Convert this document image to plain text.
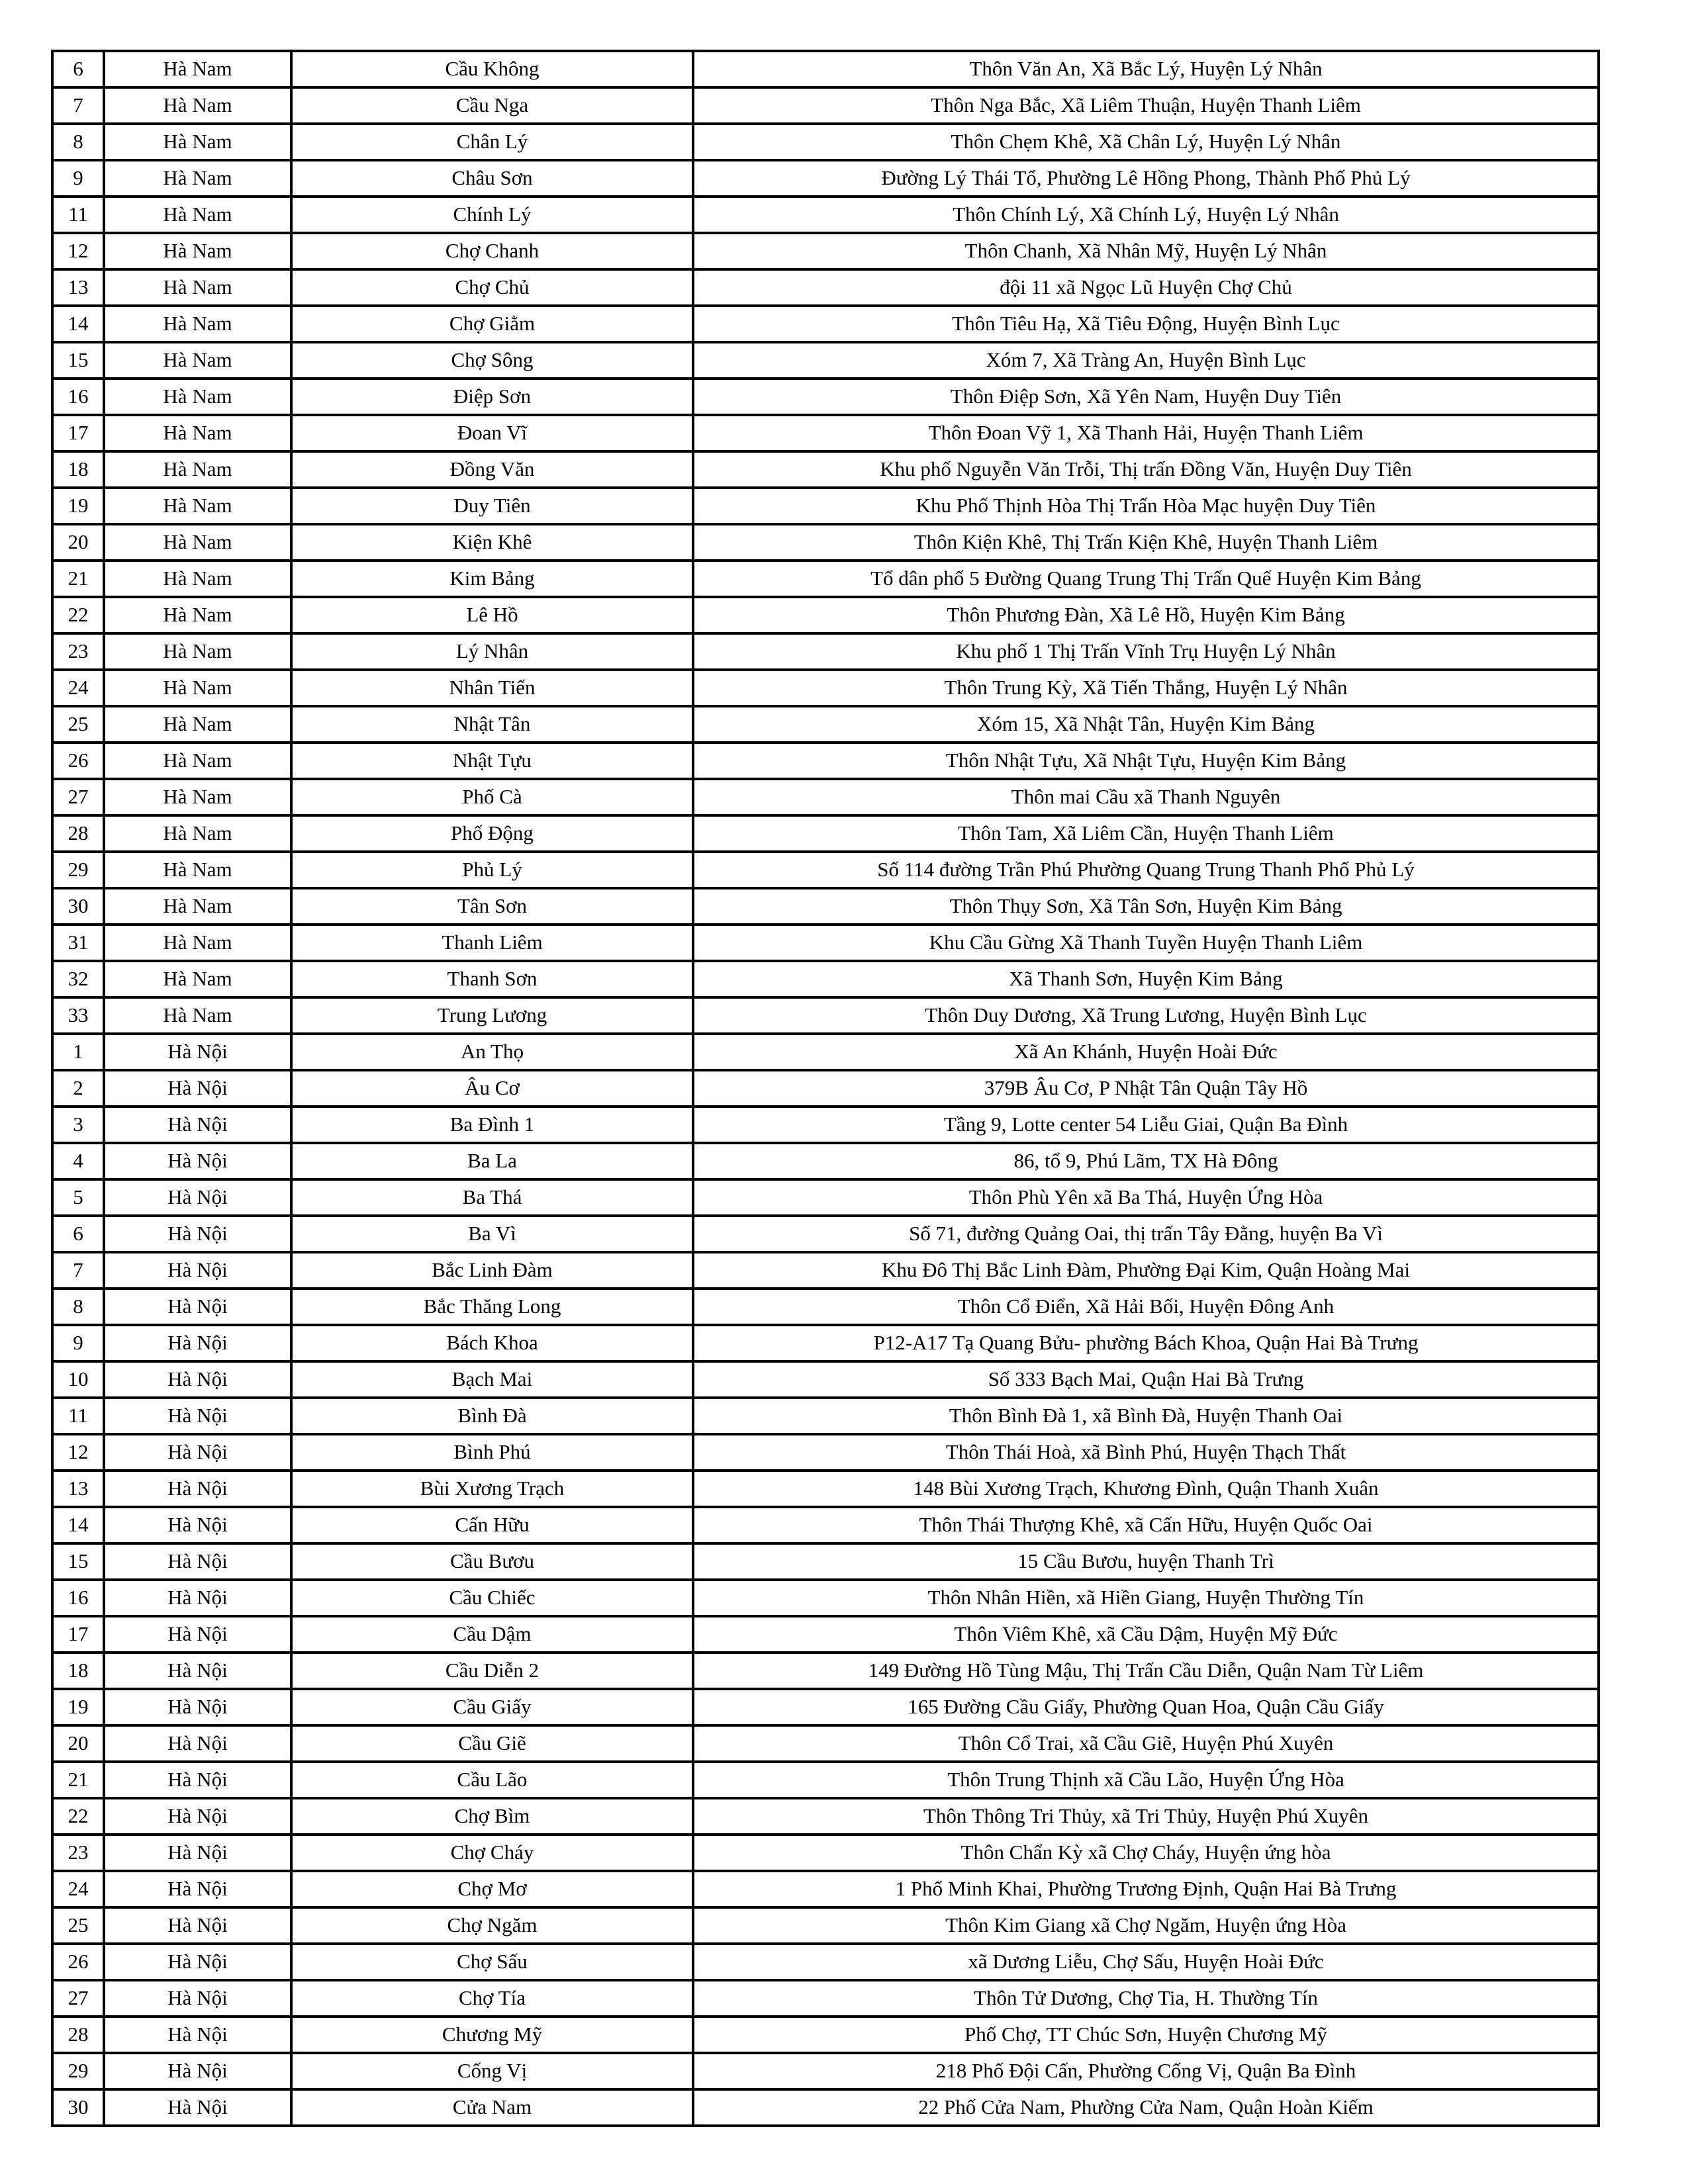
6	Hà Nam	Cầu Không	Thôn Văn An, Xã Bắc Lý, Huyện Lý Nhân
7	Hà Nam	Cầu Nga	Thôn Nga Bắc, Xã Liêm Thuận, Huyện Thanh Liêm
8	Hà Nam	Chân Lý	Thôn Chẹm Khê, Xã Chân Lý, Huyện Lý Nhân
9	Hà Nam	Châu Sơn	Đường Lý Thái Tổ, Phường Lê Hồng Phong, Thành Phố Phủ Lý
11	Hà Nam	Chính Lý	Thôn Chính Lý, Xã Chính Lý, Huyện Lý Nhân
12	Hà Nam	Chợ Chanh	Thôn Chanh, Xã Nhân Mỹ, Huyện Lý Nhân
13	Hà Nam	Chợ Chủ	đội 11 xã Ngọc Lũ Huyện Chợ Chủ
14	Hà Nam	Chợ Giằm	Thôn Tiêu Hạ, Xã Tiêu Động, Huyện Bình Lục
15	Hà Nam	Chợ Sông	Xóm 7, Xã Tràng An, Huyện Bình Lục
16	Hà Nam	Điệp Sơn	Thôn Điệp Sơn, Xã Yên Nam, Huyện Duy Tiên
17	Hà Nam	Đoan Vĩ	Thôn Đoan Vỹ 1, Xã Thanh Hải, Huyện Thanh Liêm
18	Hà Nam	Đồng Văn	Khu phố Nguyễn Văn Trỗi, Thị trấn Đồng Văn, Huyện Duy Tiên
19	Hà Nam	Duy Tiên	Khu Phố Thịnh Hòa Thị Trấn Hòa Mạc huyện Duy Tiên
20	Hà Nam	Kiện Khê	Thôn Kiện Khê, Thị Trấn Kiện Khê, Huyện Thanh Liêm
21	Hà Nam	Kim Bảng	Tổ dân phố 5 Đường Quang Trung Thị Trấn Quế Huyện Kim Bảng
22	Hà Nam	Lê Hồ	Thôn Phương Đàn, Xã Lê Hồ, Huyện Kim Bảng
23	Hà Nam	Lý Nhân	Khu phố 1 Thị Trấn Vĩnh Trụ Huyện Lý Nhân
24	Hà Nam	Nhân Tiến	Thôn Trung Kỳ, Xã Tiến Thắng, Huyện Lý Nhân
25	Hà Nam	Nhật Tân	Xóm 15, Xã Nhật Tân, Huyện Kim Bảng
26	Hà Nam	Nhật Tựu	Thôn Nhật Tựu, Xã Nhật Tựu, Huyện Kim Bảng
27	Hà Nam	Phố Cà	Thôn mai Cầu xã Thanh Nguyên
28	Hà Nam	Phố Động	Thôn Tam, Xã Liêm Cần, Huyện Thanh Liêm
29	Hà Nam	Phủ Lý	Số 114 đường Trần Phú Phường Quang Trung Thanh Phố Phủ Lý
30	Hà Nam	Tân Sơn	Thôn Thụy Sơn, Xã Tân Sơn, Huyện Kim Bảng
31	Hà Nam	Thanh Liêm	Khu Cầu Gừng Xã Thanh Tuyền Huyện Thanh Liêm
32	Hà Nam	Thanh Sơn	Xã Thanh Sơn, Huyện Kim Bảng
33	Hà Nam	Trung Lương	Thôn Duy Dương, Xã Trung Lương, Huyện Bình Lục
1	Hà Nội	An Thọ	Xã An Khánh, Huyện Hoài Đức
2	Hà Nội	Âu Cơ	379B Âu Cơ, P Nhật Tân Quận Tây Hồ
3	Hà Nội	Ba Đình 1	Tầng 9, Lotte center 54 Liễu Giai, Quận Ba Đình
4	Hà Nội	Ba La	86, tổ 9, Phú Lãm, TX Hà Đông
5	Hà Nội	Ba Thá	Thôn Phù Yên xã Ba Thá, Huyện Ứng Hòa
6	Hà Nội	Ba Vì	Số 71, đường Quảng Oai, thị trấn Tây Đằng, huyện Ba Vì
7	Hà Nội	Bắc Linh Đàm	Khu Đô Thị Bắc Linh Đàm, Phường Đại Kim, Quận Hoàng Mai
8	Hà Nội	Bắc Thăng Long	Thôn Cổ Điển, Xã Hải Bối, Huyện Đông Anh
9	Hà Nội	Bách Khoa	P12-A17 Tạ Quang Bửu- phường Bách Khoa, Quận Hai Bà Trưng
10	Hà Nội	Bạch Mai	Số 333 Bạch Mai, Quận Hai Bà Trưng
11	Hà Nội	Bình Đà	Thôn Bình Đà 1, xã Bình Đà, Huyện Thanh Oai
12	Hà Nội	Bình Phú	Thôn Thái Hoà, xã Bình Phú, Huyện Thạch Thất
13	Hà Nội	Bùi Xương Trạch	148 Bùi Xương Trạch, Khương Đình, Quận Thanh Xuân
14	Hà Nội	Cấn Hữu	Thôn Thái Thượng Khê, xã Cấn Hữu, Huyện Quốc Oai
15	Hà Nội	Cầu Bươu	15 Cầu Bươu, huyện Thanh Trì
16	Hà Nội	Cầu Chiếc	Thôn Nhân Hiền, xã Hiền Giang, Huyện Thường Tín
17	Hà Nội	Cầu Dậm	Thôn Viêm Khê, xã Cầu Dậm, Huyện Mỹ Đức
18	Hà Nội	Cầu Diễn 2	149 Đường Hồ Tùng Mậu, Thị Trấn Cầu Diễn, Quận Nam Từ Liêm
19	Hà Nội	Cầu Giấy	165 Đường Cầu Giấy, Phường Quan Hoa, Quận Cầu Giấy
20	Hà Nội	Cầu Giẽ	Thôn Cổ Trai, xã Cầu Giẽ, Huyện Phú Xuyên
21	Hà Nội	Cầu Lão	Thôn Trung Thịnh xã Cầu Lão, Huyện Ứng Hòa
22	Hà Nội	Chợ Bìm	Thôn Thông Tri Thủy, xã Tri Thủy, Huyện Phú Xuyên
23	Hà Nội	Chợ Cháy	Thôn Chẩn Kỳ xã Chợ Cháy, Huyện ứng hòa
24	Hà Nội	Chợ Mơ	1 Phố Minh Khai, Phường Trương Định, Quận Hai Bà Trưng
25	Hà Nội	Chợ Ngăm	Thôn Kim Giang xã Chợ Ngăm, Huyện ứng Hòa
26	Hà Nội	Chợ Sấu	xã Dương Liễu, Chợ Sấu, Huyện Hoài Đức
27	Hà Nội	Chợ Tía	Thôn Tử Dương, Chợ Tia, H. Thường Tín
28	Hà Nội	Chương Mỹ	Phố Chợ, TT Chúc Sơn, Huyện Chương Mỹ
29	Hà Nội	Cống Vị	218 Phố Đội Cấn, Phường Cống Vị, Quận Ba Đình
30	Hà Nội	Cửa Nam	22 Phố Cửa Nam, Phường Cửa Nam, Quận Hoàn Kiếm
